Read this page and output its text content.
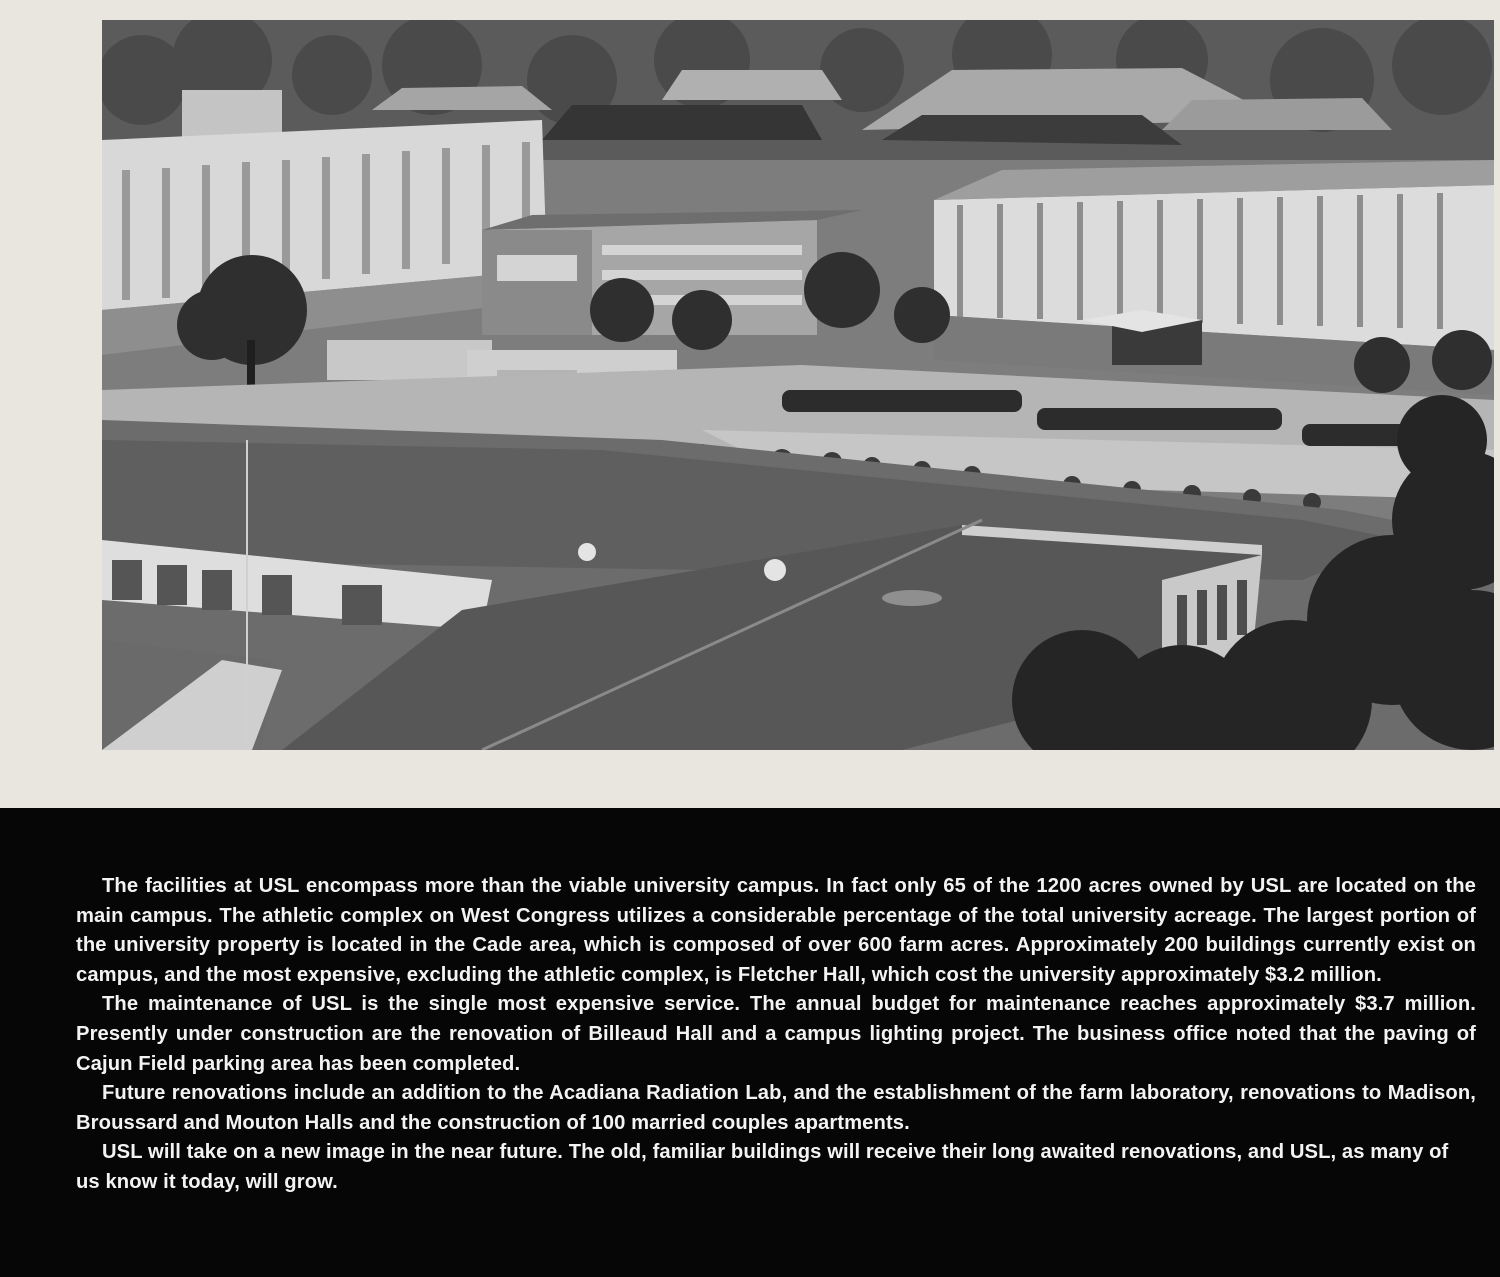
The facilities at USL encompass more than the viable university campus. In fact only 65 of the 1200 acres owned by USL are located on the main campus. The athletic complex on West Congress utilizes a considerable percentage of the total university acreage. The largest portion of the university property is located in the Cade area, which is composed of over 600 farm acres. Approximately 200 buildings currently exist on campus, and the most expensive, excluding the athletic complex, is Fletcher Hall, which cost the university approximately $3.2 million.

The maintenance of USL is the single most expensive service. The annual budget for maintenance reaches approximately $3.7 million. Presently under construction are the renovation of Billeaud Hall and a campus lighting project. The business office noted that the paving of Cajun Field parking area has been completed.

Future renovations include an addition to the Acadiana Radiation Lab, and the establishment of the farm laboratory, renovations to Madison, Broussard and Mouton Halls and the construction of 100 married couples apartments.

USL will take on a new image in the near future. The old, familiar buildings will receive their long awaited renovations, and USL, as many of us know it today, will grow.
